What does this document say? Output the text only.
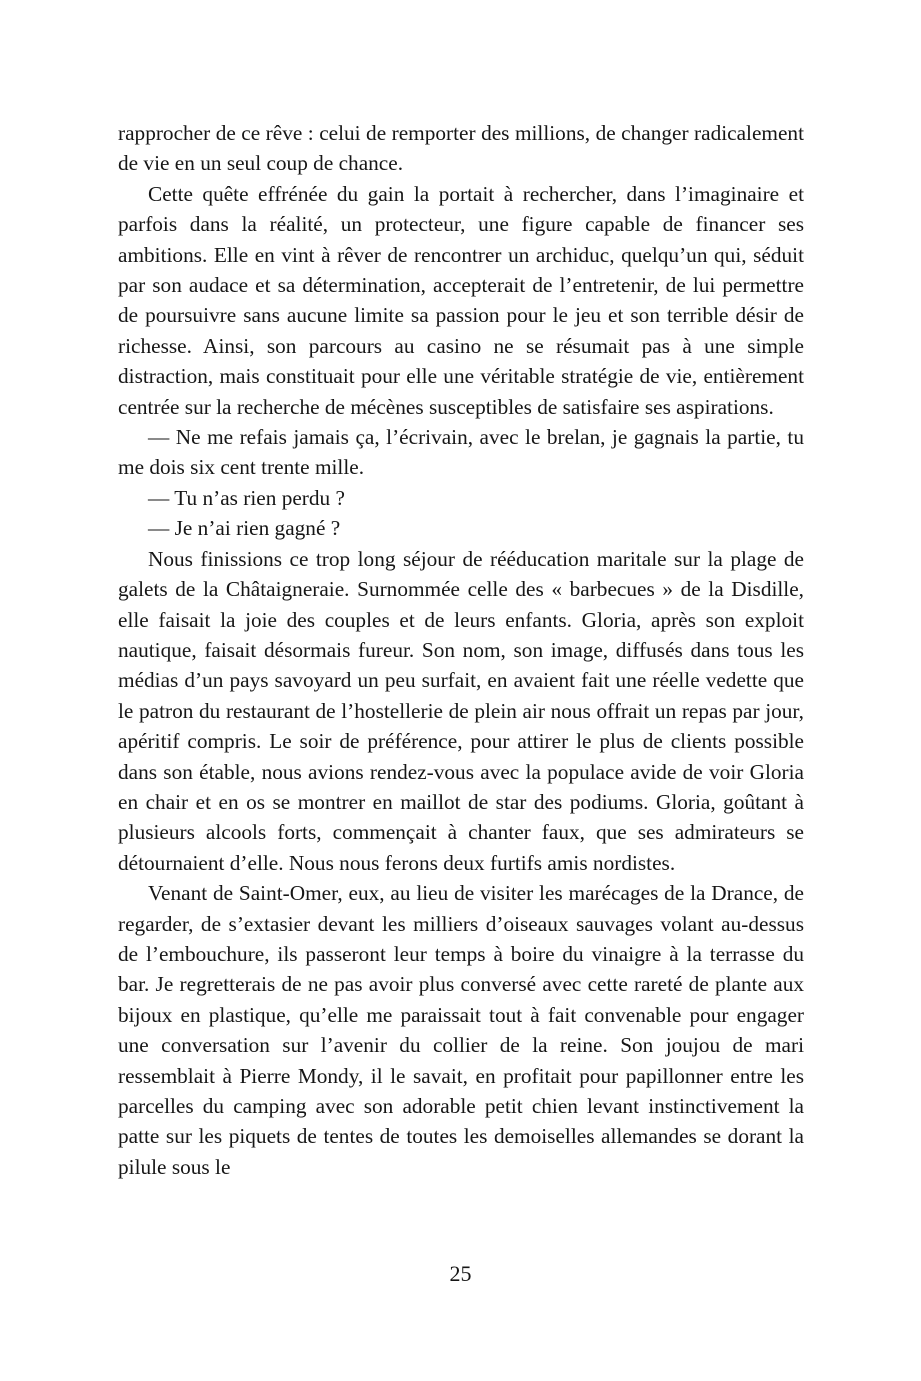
rapprocher de ce rêve : celui de remporter des millions, de changer radicalement de vie en un seul coup de chance.

Cette quête effrénée du gain la portait à rechercher, dans l’imaginaire et parfois dans la réalité, un protecteur, une figure capable de financer ses ambitions. Elle en vint à rêver de rencontrer un archiduc, quelqu’un qui, séduit par son audace et sa détermination, accepterait de l’entretenir, de lui permettre de poursuivre sans aucune limite sa passion pour le jeu et son terrible désir de richesse. Ainsi, son parcours au casino ne se résumait pas à une simple distraction, mais constituait pour elle une véritable stratégie de vie, entièrement centrée sur la recherche de mécènes susceptibles de satisfaire ses aspirations.

— Ne me refais jamais ça, l’écrivain, avec le brelan, je gagnais la partie, tu me dois six cent trente mille.

— Tu n’as rien perdu ?

— Je n’ai rien gagné ?

Nous finissions ce trop long séjour de rééducation maritale sur la plage de galets de la Châtaigneraie. Surnommée celle des « barbecues » de la Disdille, elle faisait la joie des couples et de leurs enfants. Gloria, après son exploit nautique, faisait désormais fureur. Son nom, son image, diffusés dans tous les médias d’un pays savoyard un peu surfait, en avaient fait une réelle vedette que le patron du restaurant de l’hostellerie de plein air nous offrait un repas par jour, apéritif compris. Le soir de préférence, pour attirer le plus de clients possible dans son étable, nous avions rendez-vous avec la populace avide de voir Gloria en chair et en os se montrer en maillot de star des podiums. Gloria, goûtant à plusieurs alcools forts, commençait à chanter faux, que ses admirateurs se détournaient d’elle. Nous nous ferons deux furtifs amis nordistes.

Venant de Saint-Omer, eux, au lieu de visiter les marécages de la Drance, de regarder, de s’extasier devant les milliers d’oiseaux sauvages volant au-dessus de l’embouchure, ils passeront leur temps à boire du vinaigre à la terrasse du bar. Je regretterais de ne pas avoir plus conversé avec cette rareté de plante aux bijoux en plastique, qu’elle me paraissait tout à fait convenable pour engager une conversation sur l’avenir du collier de la reine. Son joujou de mari ressemblait à Pierre Mondy, il le savait, en profitait pour papillonner entre les parcelles du camping avec son adorable petit chien levant instinctivement la patte sur les piquets de tentes de toutes les demoiselles allemandes se dorant la pilule sous le

25
